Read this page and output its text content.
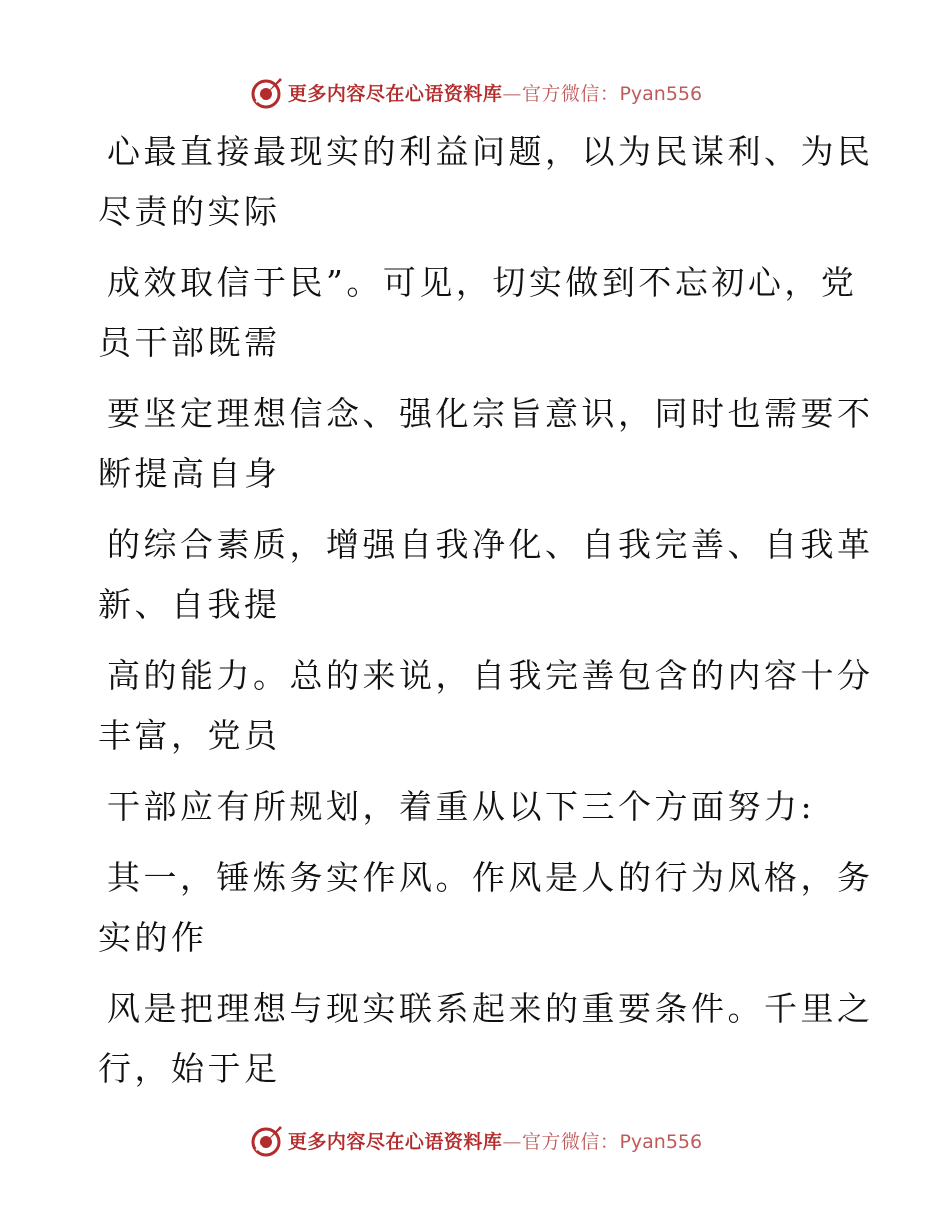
更多内容尽在心语资料库—官方微信：Pyan556

心最直接最现实的利益问题，以为民谋利、为民
尽责的实际

成效取信于民”。可见，切实做到不忘初心，党
员干部既需

要坚定理想信念、强化宗旨意识，同时也需要不
断提高自身

的综合素质，增强自我净化、自我完善、自我革
新、自我提

高的能力。总的来说，自我完善包含的内容十分
丰富，党员

干部应有所规划，着重从以下三个方面努力:

其一，锤炼务实作风。作风是人的行为风格，务
实的作

风是把理想与现实联系起来的重要条件。千里之
行，始于足

更多内容尽在心语资料库—官方微信：Pyan556
